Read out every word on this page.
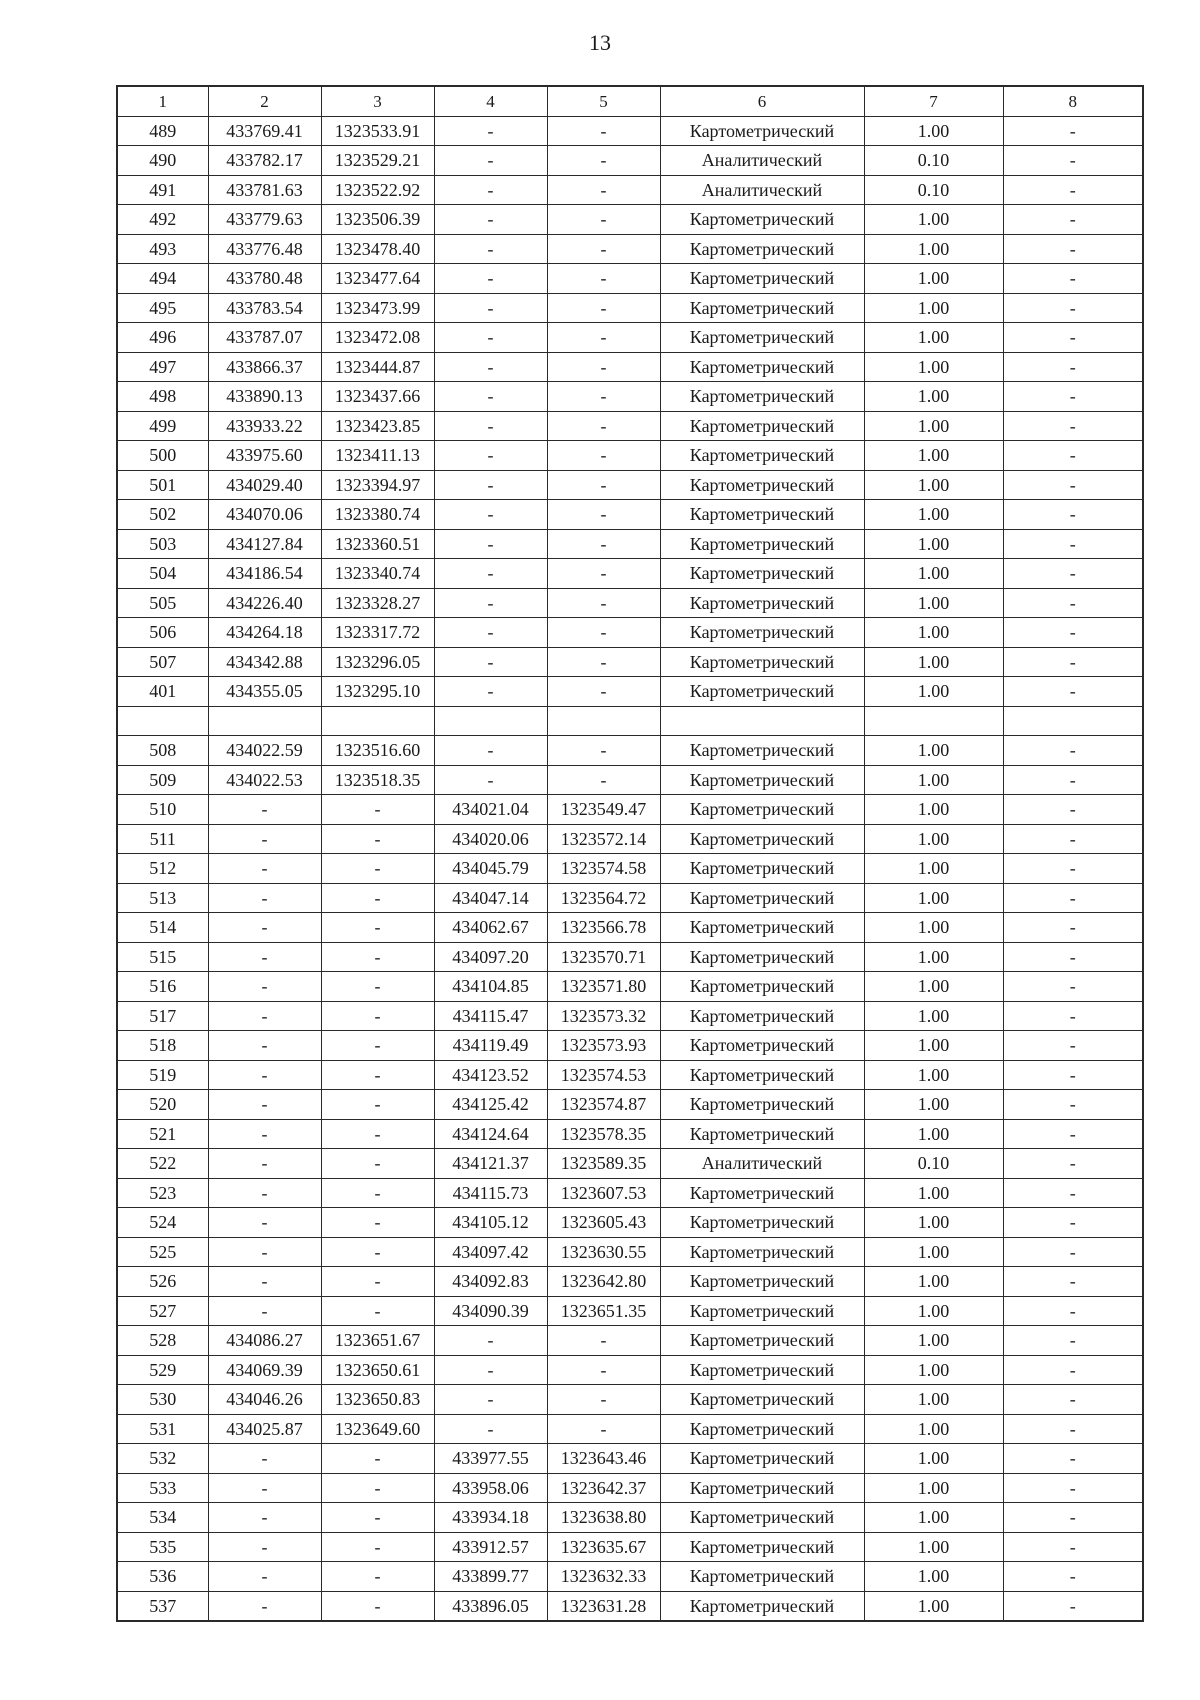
13
1	2	3	4	5	6	7	8
489	433769.41	1323533.91	-	-	Картометрический	1.00	-
490	433782.17	1323529.21	-	-	Аналитический	0.10	-
491	433781.63	1323522.92	-	-	Аналитический	0.10	-
492	433779.63	1323506.39	-	-	Картометрический	1.00	-
493	433776.48	1323478.40	-	-	Картометрический	1.00	-
494	433780.48	1323477.64	-	-	Картометрический	1.00	-
495	433783.54	1323473.99	-	-	Картометрический	1.00	-
496	433787.07	1323472.08	-	-	Картометрический	1.00	-
497	433866.37	1323444.87	-	-	Картометрический	1.00	-
498	433890.13	1323437.66	-	-	Картометрический	1.00	-
499	433933.22	1323423.85	-	-	Картометрический	1.00	-
500	433975.60	1323411.13	-	-	Картометрический	1.00	-
501	434029.40	1323394.97	-	-	Картометрический	1.00	-
502	434070.06	1323380.74	-	-	Картометрический	1.00	-
503	434127.84	1323360.51	-	-	Картометрический	1.00	-
504	434186.54	1323340.74	-	-	Картометрический	1.00	-
505	434226.40	1323328.27	-	-	Картометрический	1.00	-
506	434264.18	1323317.72	-	-	Картометрический	1.00	-
507	434342.88	1323296.05	-	-	Картометрический	1.00	-
401	434355.05	1323295.10	-	-	Картометрический	1.00	-

508	434022.59	1323516.60	-	-	Картометрический	1.00	-
509	434022.53	1323518.35	-	-	Картометрический	1.00	-
510	-	-	434021.04	1323549.47	Картометрический	1.00	-
511	-	-	434020.06	1323572.14	Картометрический	1.00	-
512	-	-	434045.79	1323574.58	Картометрический	1.00	-
513	-	-	434047.14	1323564.72	Картометрический	1.00	-
514	-	-	434062.67	1323566.78	Картометрический	1.00	-
515	-	-	434097.20	1323570.71	Картометрический	1.00	-
516	-	-	434104.85	1323571.80	Картометрический	1.00	-
517	-	-	434115.47	1323573.32	Картометрический	1.00	-
518	-	-	434119.49	1323573.93	Картометрический	1.00	-
519	-	-	434123.52	1323574.53	Картометрический	1.00	-
520	-	-	434125.42	1323574.87	Картометрический	1.00	-
521	-	-	434124.64	1323578.35	Картометрический	1.00	-
522	-	-	434121.37	1323589.35	Аналитический	0.10	-
523	-	-	434115.73	1323607.53	Картометрический	1.00	-
524	-	-	434105.12	1323605.43	Картометрический	1.00	-
525	-	-	434097.42	1323630.55	Картометрический	1.00	-
526	-	-	434092.83	1323642.80	Картометрический	1.00	-
527	-	-	434090.39	1323651.35	Картометрический	1.00	-
528	434086.27	1323651.67	-	-	Картометрический	1.00	-
529	434069.39	1323650.61	-	-	Картометрический	1.00	-
530	434046.26	1323650.83	-	-	Картометрический	1.00	-
531	434025.87	1323649.60	-	-	Картометрический	1.00	-
532	-	-	433977.55	1323643.46	Картометрический	1.00	-
533	-	-	433958.06	1323642.37	Картометрический	1.00	-
534	-	-	433934.18	1323638.80	Картометрический	1.00	-
535	-	-	433912.57	1323635.67	Картометрический	1.00	-
536	-	-	433899.77	1323632.33	Картометрический	1.00	-
537	-	-	433896.05	1323631.28	Картометрический	1.00	-
